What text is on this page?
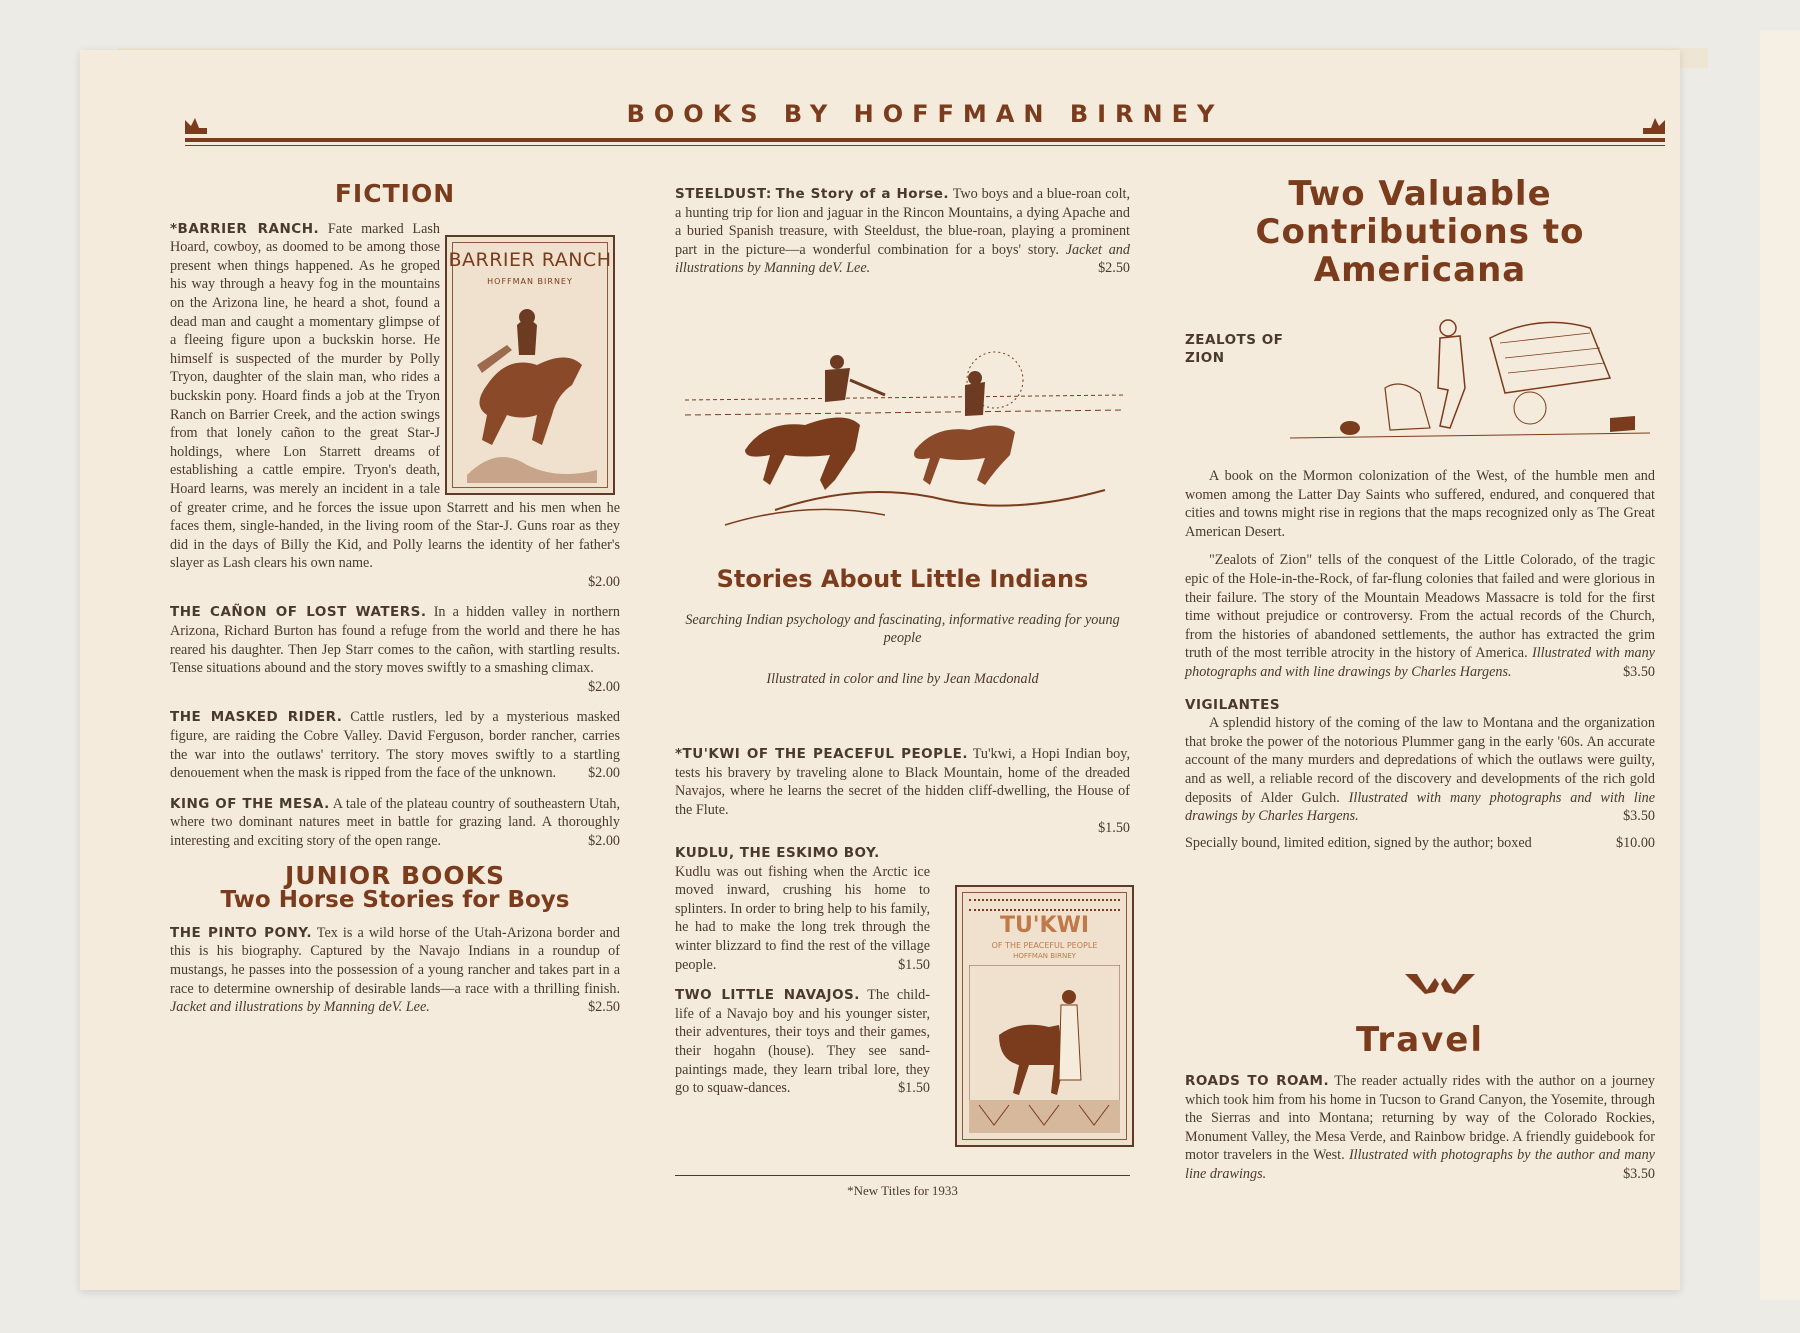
BOOKS BY HOFFMAN BIRNEY
FICTION
*BARRIER RANCH. Fate marked Lash Hoard, cowboy, as doomed to be among those present when things happened. As he groped his way through a heavy fog in the mountains on the Arizona line, he heard a shot, found a dead man and caught a momentary glimpse of a fleeing figure upon a buckskin horse. He himself is suspected of the murder by Polly Tryon, daughter of the slain man, who rides a buckskin pony. Hoard finds a job at the Tryon Ranch on Barrier Creek, and the action swings from that lonely cañon to the great Star-J holdings, where Lon Starrett dreams of establishing a cattle empire. Tryon's death, Hoard learns, was merely an incident in a tale of greater crime, and he forces the issue upon Starrett and his men when he faces them, single-handed, in the living room of the Star-J. Guns roar as they did in the days of Billy the Kid, and Polly learns the identity of her father's slayer as Lash clears his own name.
$2.00
THE CAÑON OF LOST WATERS. In a hidden valley in northern Arizona, Richard Burton has found a refuge from the world and there he has reared his daughter. Then Jep Starr comes to the cañon, with startling results. Tense situations abound and the story moves swiftly to a smashing climax.
$2.00
THE MASKED RIDER. Cattle rustlers, led by a mysterious masked figure, are raiding the Cobre Valley. David Ferguson, border rancher, carries the war into the outlaws' territory. The story moves swiftly to a startling denouement when the mask is ripped from the face of the unknown. $2.00
KING OF THE MESA. A tale of the plateau country of southeastern Utah, where two dominant natures meet in battle for grazing land. A thoroughly interesting and exciting story of the open range.	$2.00
JUNIOR BOOKS
Two Horse Stories for Boys
THE PINTO PONY. Tex is a wild horse of the Utah-Arizona border and this is his biography. Captured by the Navajo Indians in a roundup of mustangs, he passes into the possession of a young rancher and takes part in a race to determine ownership of desirable lands—a race with a thrilling finish. Jacket and illustrations by Manning deV. Lee.	$2.50
BARRIER RANCH
HOFFMAN BIRNEY
STEELDUST: The Story of a Horse. Two boys and a blue-roan colt, a hunting trip for lion and jaguar in the Rincon Mountains, a dying Apache and a buried Spanish treasure, with Steeldust, the blue-roan, playing a prominent part in the picture—a wonderful combination for a boys' story. Jacket and illustrations by Manning deV. Lee.	$2.50
Stories About Little Indians
Searching Indian psychology and fascinating, informative reading for young people
Illustrated in color and line by Jean Macdonald
*TU'KWI OF THE PEACEFUL PEOPLE. Tu'kwi, a Hopi Indian boy, tests his bravery by traveling alone to Black Mountain, home of the dreaded Navajos, where he learns the secret of the hidden cliff-dwelling, the House of the Flute.
$1.50
KUDLU, THE ESKIMO BOY.
Kudlu was out fishing when the Arctic ice moved inward, crushing his home to splinters. In order to bring help to his family, he had to make the long trek through the winter blizzard to find the rest of the village people.	$1.50
TWO LITTLE NAVAJOS. The child-life of a Navajo boy and his younger sister, their adventures, their toys and their games, their hogahn (house). They see sand-paintings made, they learn tribal lore, they go to squaw-dances.	$1.50
TU'KWI
OF THE PEACEFUL PEOPLE
HOFFMAN BIRNEY
*New Titles for 1933
Two Valuable Contributions to Americana
ZEALOTS OF ZION

A book on the Mormon colonization of the West, of the humble men and women among the Latter Day Saints who suffered, endured, and conquered that cities and towns might rise in regions that the maps recognized only as The Great American Desert.

"Zealots of Zion" tells of the conquest of the Little Colorado, of the tragic epic of the Hole-in-the-Rock, of far-flung colonies that failed and were glorious in their failure. The story of the Mountain Meadows Massacre is told for the first time without prejudice or controversy. From the actual records of the Church, from the histories of abandoned settlements, the author has extracted the grim truth of the most terrible atrocity in the history of America. Illustrated with many photographs and with line drawings by Charles Hargens.	$3.50
VIGILANTES
A splendid history of the coming of the law to Montana and the organization that broke the power of the notorious Plummer gang in the early '60s. An accurate account of the many murders and depredations of which the outlaws were guilty, and as well, a reliable record of the discovery and developments of the rich gold deposits of Alder Gulch. Illustrated with many photographs and with line drawings by Charles Hargens.	$3.50
Specially bound, limited edition, signed by the author; boxed	$10.00
Travel
ROADS TO ROAM. The reader actually rides with the author on a journey which took him from his home in Tucson to Grand Canyon, the Yosemite, through the Sierras and into Montana; returning by way of the Colorado Rockies, Monument Valley, the Mesa Verde, and Rainbow bridge. A friendly guidebook for motor travelers in the West. Illustrated with photographs by the author and many line drawings.	$3.50
